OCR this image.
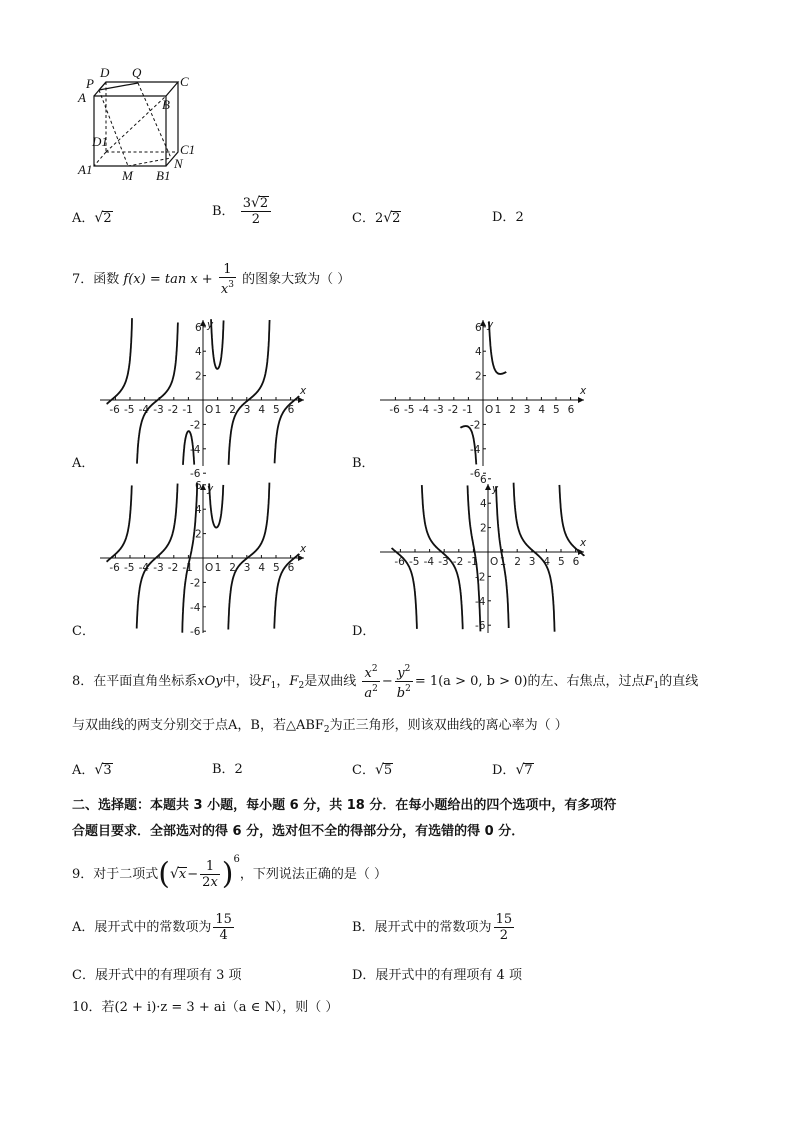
P
D Q
C
A	B
D1
C1
A1 M B1
N
A．√2	B． $\frac{3√2}{2}$	C．2√2	D．2
7．函数 $f(x) = \tan x + \frac{1}{x^3}$ 的图象大致为（ ）
A．
x
y
-6 -5 -4 -3 -2 -1 O 1 2 3 4 5 6
6
4
2
-2
-4
-6
B．
x
y
-6 -5 -4 -3 -2 -1 O 1 2 3 4 5 6
6
4
2
-2
-4
-6
C．
x
y
-6 -5 -4 -3 -2 -1 O 1 2 3 4 5 6
6
4
2
-2
-4
-6	D．
x
y
-6 -5 -4 -3 -2 -1 O 1 2 3 4 5 6
6
4
2
-2
-4
-6
8．在平面直角坐标系xOy中，设$F_1$，$F_2$是双曲线 $\frac{x^2}{a^2} - \frac{y^2}{b^2} = 1(a > 0$, b > 0)的左、右焦点，过点$F_1$的直线
与双曲线的两支分别交于点A，B，若$\triangle ABF_2$为正三角形，则该双曲线的离心率为（ ）
A．√3	B．2	C．√5	D．√7
二、选择题：本题共 3 小题，每小题 6 分，共 18 分．在每小题给出的四个选项中，有多项符
合题目要求．全部选对的得 6 分，选对但不全的得部分分，有选错的得 0 分．
9．对于二项式$(√x- \frac{1}{2x} )^6$，下列说法正确的是（ ）
A．展开式中的常数项为 $\frac{15}{4}$	B．展开式中的常数项为 $\frac{15}{2}$
C．展开式中的有理项有 3 项	D．展开式中的有理项有 4 项
10．若(2 + i)·z = 3 + ai（a ∈ N），则（ ）
